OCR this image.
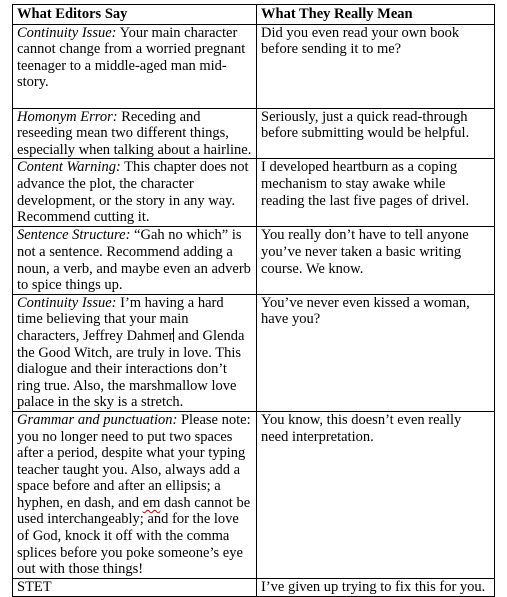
What Editors Say	What They Really Mean
Continuity Issue: Your main character cannot change from a worried pregnant teenager to a middle-aged man mid-story.	Did you even read your own book before sending it to me?
Homonym Error: Receding and reseeding mean two different things, especially when talking about a hairline.	Seriously, just a quick read-through before submitting would be helpful.
Content Warning: This chapter does not advance the plot, the character development, or the story in any way. Recommend cutting it.	I developed heartburn as a coping mechanism to stay awake while reading the last five pages of drivel.
Sentence Structure: “Gah no which” is not a sentence. Recommend adding a noun, a verb, and maybe even an adverb to spice things up.	You really don’t have to tell anyone you’ve never taken a basic writing course. We know.
Continuity Issue: I’m having a hard time believing that your main characters, Jeffrey Dahmer and Glenda the Good Witch, are truly in love. This dialogue and their interactions don’t ring true. Also, the marshmallow love palace in the sky is a stretch.	You’ve never even kissed a woman, have you?
Grammar and punctuation: Please note: you no longer need to put two spaces after a period, despite what your typing teacher taught you. Also, always add a space before and after an ellipsis; a hyphen, en dash, and em dash cannot be used interchangeably; and for the love of God, knock it off with the comma splices before you poke someone’s eye out with those things!	You know, this doesn’t even really need interpretation.
STET	I’ve given up trying to fix this for you.
